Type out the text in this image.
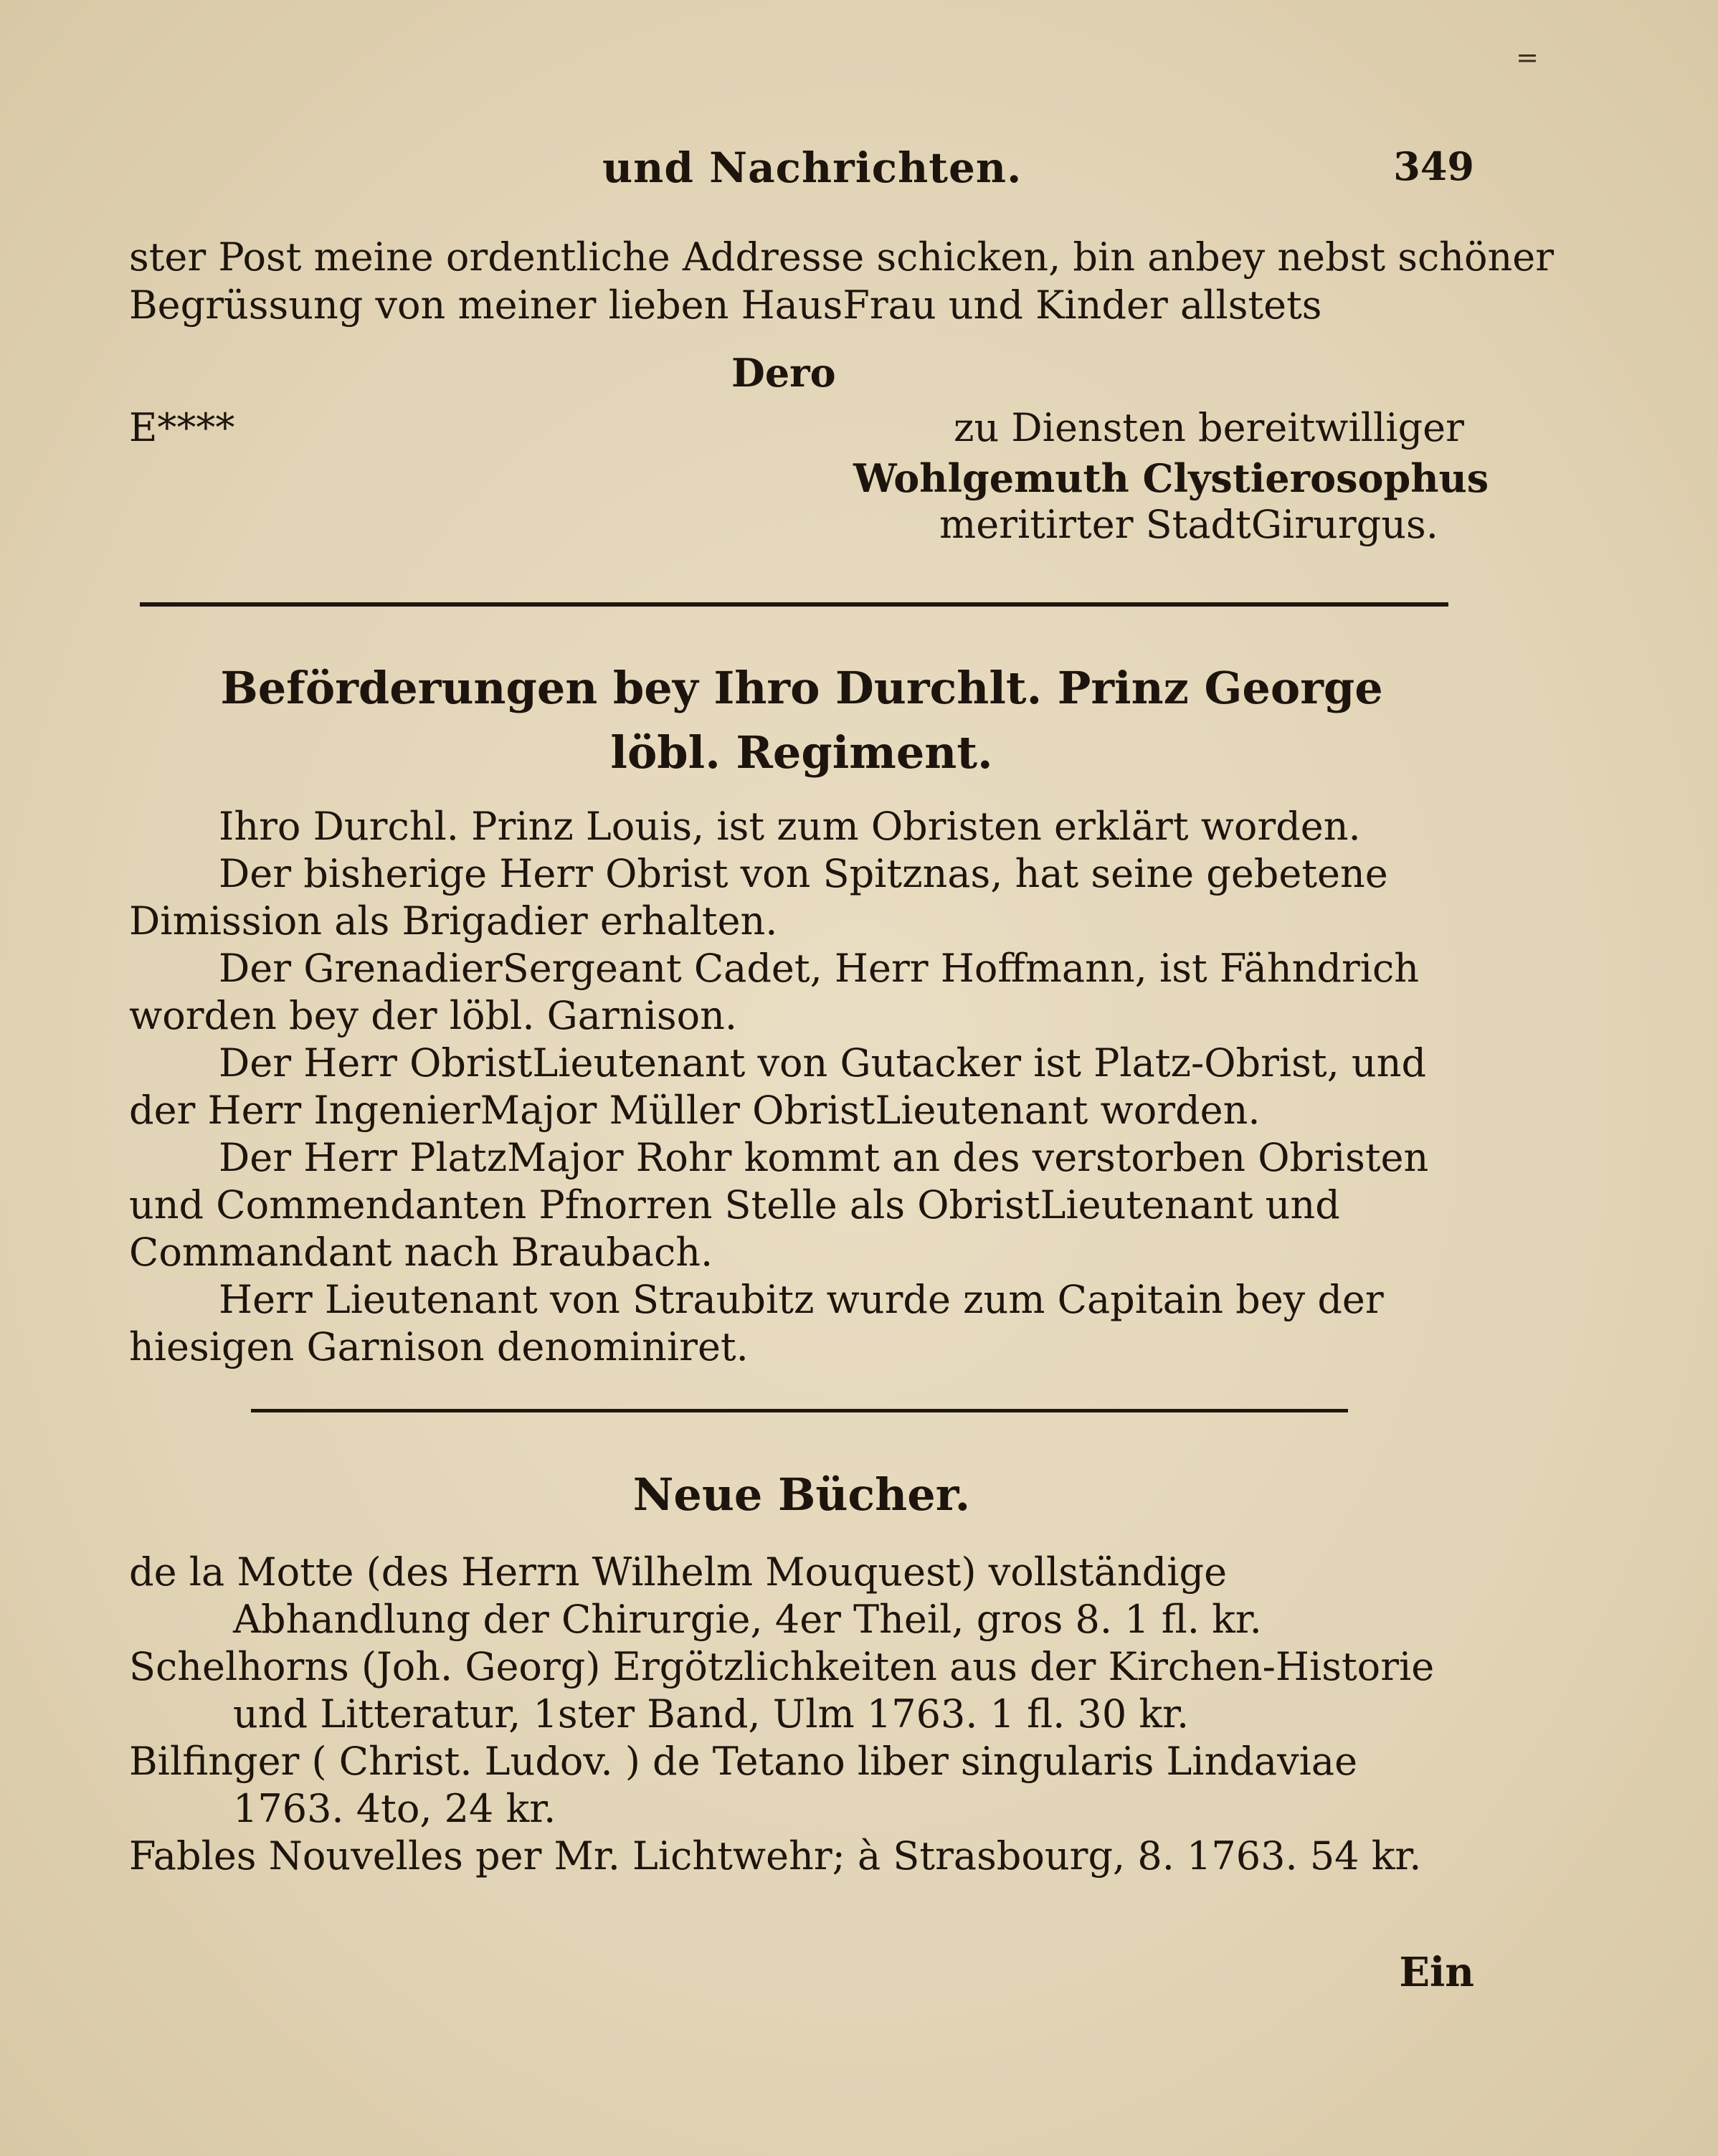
=
und Nachrichten.	349
ster Post meine ordentliche Addresse schicken, bin anbey nebst schöner
Begrüssung von meiner lieben HausFrau und Kinder allstets
Dero
E****	zu Diensten bereitwilliger
Wohlgemuth Clystierosophus
meritirter StadtGirurgus.
Beförderungen bey Ihro Durchlt. Prinz George
löbl. Regiment.
Ihro Durchl. Prinz Louis, ist zum Obristen erklärt worden.
Der bisherige Herr Obrist von Spitznas, hat seine gebetene Dimission als Brigadier erhalten.
Der GrenadierSergeant Cadet, Herr Hoffmann, ist Fähndrich worden bey der löbl. Garnison.
Der Herr ObristLieutenant von Gutacker ist Platz-Obrist, und der Herr IngenierMajor Müller ObristLieutenant worden.
Der Herr PlatzMajor Rohr kommt an des verstorben Obristen und Commendanten Pfnorren Stelle als ObristLieutenant und Commandant nach Braubach.
Herr Lieutenant von Straubitz wurde zum Capitain bey der hiesigen Garnison denominiret.
Neue Bücher.
de la Motte (des Herrn Wilhelm Mouquest) vollständige Abhandlung der Chirurgie, 4er Theil, gros 8. 1 fl. kr.
Schelhorns (Joh. Georg) Ergötzlichkeiten aus der Kirchen-Historie und Litteratur, 1ster Band, Ulm 1763. 1 fl. 30 kr.
Bilfinger ( Christ. Ludov. ) de Tetano liber singularis Lindaviae 1763. 4to, 24 kr.
Fables Nouvelles per Mr. Lichtwehr; à Strasbourg, 8. 1763. 54 kr.
Ein
